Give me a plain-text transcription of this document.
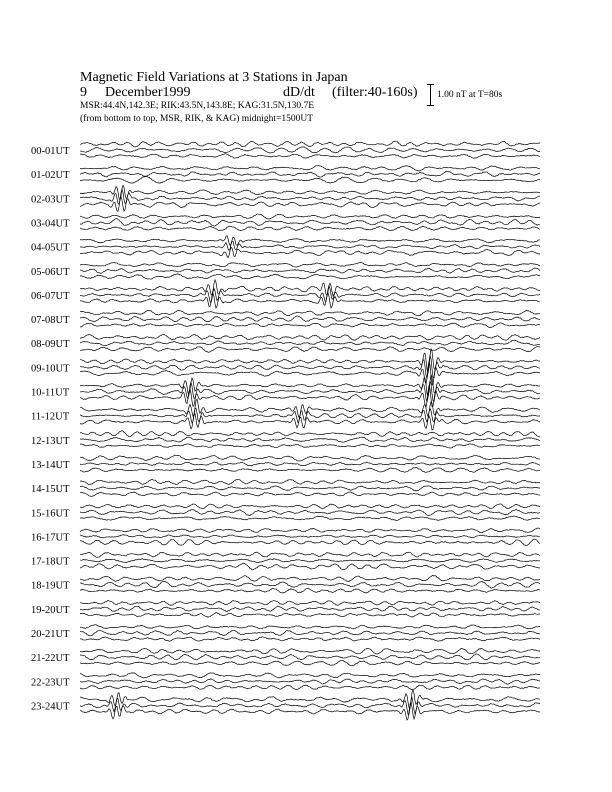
Magnetic Field Variations at 3 Stations in Japan
9 December1999	dD/dt (filter:40-160s)
MSR:44.4N,142.3E; RIK:43.5N,143.8E; KAG:31.5N,130.7E
(from bottom to top, MSR, RIK, & KAG) midnight=1500UT
1.00 nT at T=80s
00-01UT
01-02UT
02-03UT
03-04UT
04-05UT
05-06UT
06-07UT
07-08UT
08-09UT
09-10UT
10-11UT
11-12UT
12-13UT
13-14UT
14-15UT
15-16UT
16-17UT
17-18UT
18-19UT
19-20UT
20-21UT
21-22UT
22-23UT
23-24UT
